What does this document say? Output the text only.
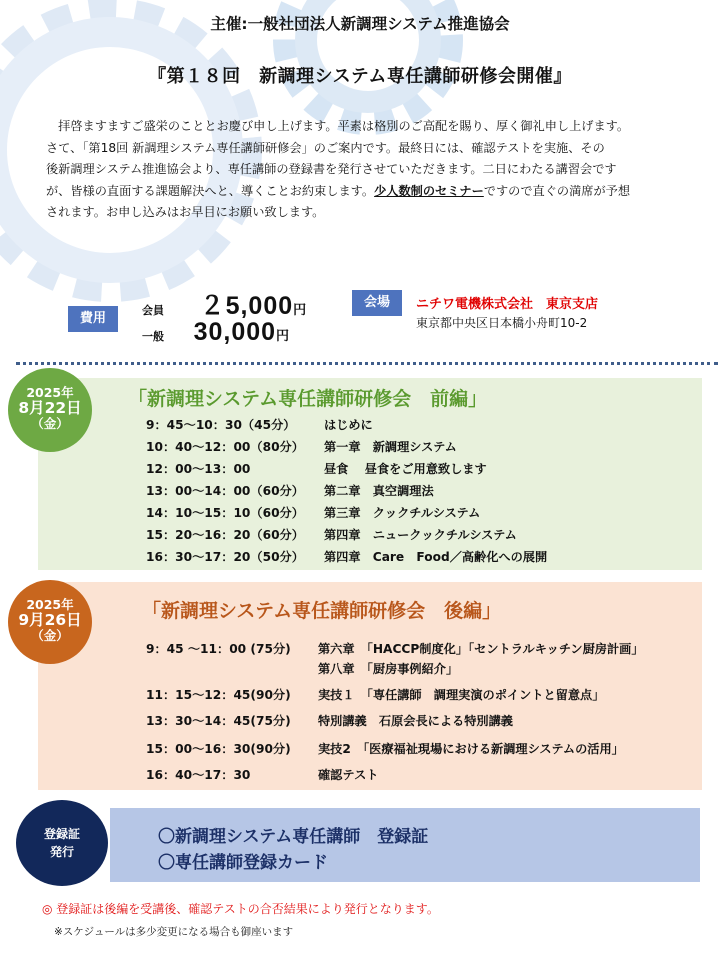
主催:一般社団法人新調理システム推進協会
『第１８回　新調理システム専任講師研修会開催』

　拝啓ますますご盛栄のこととお慶び申し上げます。平素は格別のご高配を賜り、厚く御礼申し上げます。

さて、「第18回 新調理システム専任講師研修会」のご案内です。最終日には、確認テストを実施、その

後新調理システム推進協会より、専任講師の登録書を発行させていただきます。二日にわたる講習会です

が、皆様の直面する課題解決へと、導くことお約束します。少人数制のセミナーですので直ぐの満席が予想

されます。お申し込みはお早目にお願い致します。

費用
会員 ２5,000円
一般 30,000円
会場	ニチワ電機株式会社　東京支店
東京都中央区日本橋小舟町10-2
2025年
8月22日
（金）
「新調理システム専任講師研修会　前編」
9：45～10：30（45分） はじめに
10：40～12：00（80分） 第一章　新調理システム
12：00～13：00	昼食　 昼食をご用意致します
13：00～14：00（60分） 第二章　真空調理法
14：10～15：10（60分） 第三章　クックチルシステム
15：20～16：20（60分） 第四章　ニュークックチルシステム
16：30～17：20（50分） 第四章　Care　Food／高齢化への展開
2025年
9月26日
（金）
「新調理システム専任講師研修会　後編」
9：45 ～11：00 (75分) 第六章　「HACCP制度化」「セントラルキッチン厨房計画」
第八章　「厨房事例紹介」
11：15～12：45(90分) 実技１　「専任講師　調理実演のポイントと留意点」
13：30～14：45(75分) 特別講義　石原会長による特別講義
15：00～16：30(90分) 実技2　「医療福祉現場における新調理システムの活用」
16：40～17：30	確認テスト
〇新調理システム専任講師　登録証
〇専任講師登録カード
登録証
発行
◎ 登録証は後編を受講後、確認テストの合否結果により発行となります。
※スケジュールは多少変更になる場合も御座います
